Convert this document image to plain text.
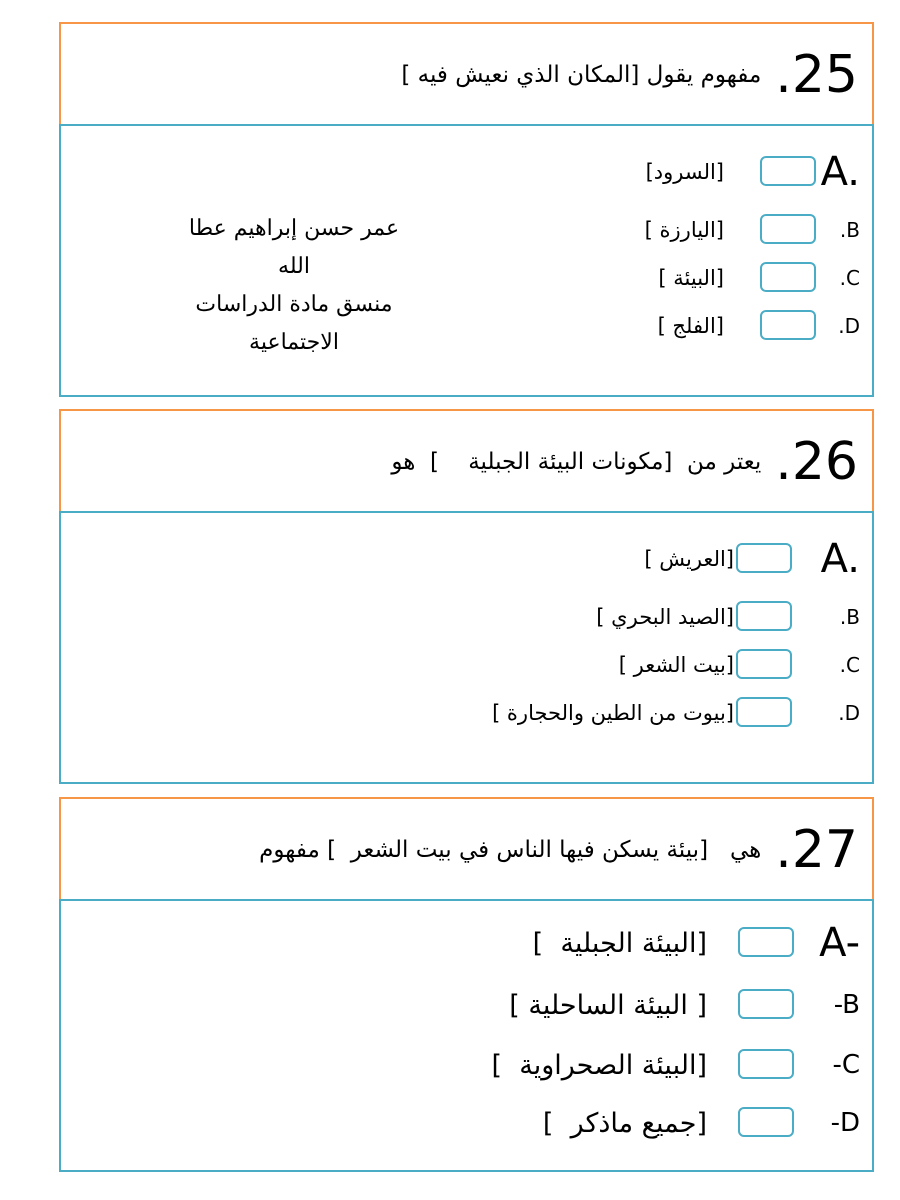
مفهوم يقول [المكان الذي نعيش فيه ] .25
A.
[السرود]
.B
[اليارزة ]
.C
[البيئة ]
.D
[الفلج ]
عمر حسن إبراهيم عطا الله
منسق مادة الدراسات الاجتماعية
يعتر من  [مكونات البيئة الجبلية    ]  هو .26
A.
[العريش ]
.B
[الصيد البحري ]
.C
[بيت الشعر ]
.D
[بيوت من الطين والحجارة ]
هي   [بيئة يسكن فيها الناس في بيت الشعر  ] مفهوم .27
A-
[البيئة الجبلية  ]
-B
[ البيئة الساحلية ]
-C
[البيئة الصحراوية  ]
-D
[جميع ماذكر  ]
